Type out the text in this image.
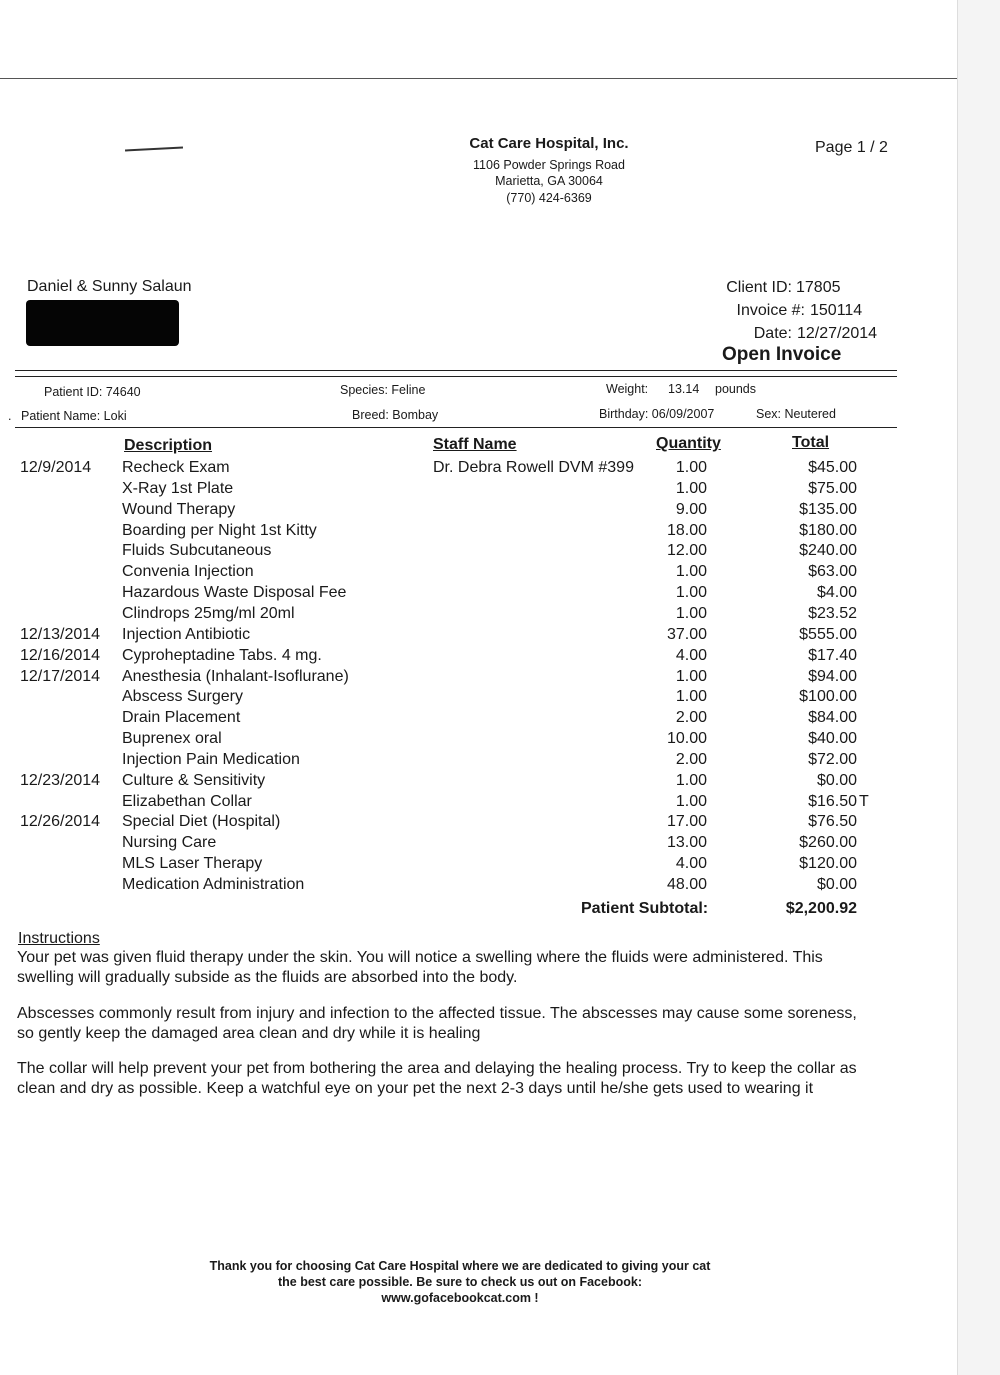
Cat Care Hospital, Inc.
1106 Powder Springs Road
Marietta, GA 30064
(770) 424-6369
Page 1 / 2
Daniel & Sunny Salaun	Client ID: 17805
Invoice #: 150114
Date: 12/27/2014
Open Invoice
Patient ID: 74640	Species: Feline	Weight: 13.14 pounds
. Patient Name: Loki	Breed: Bombay	Birthday: 06/09/2007	Sex: Neutered
Description	Staff Name	Quantity	Total
12/9/2014 Recheck Exam	Dr. Debra Rowell DVM #399	1.00	$45.00
X-Ray 1st Plate	1.00	$75.00
Wound Therapy	9.00	$135.00
Boarding per Night 1st Kitty	18.00	$180.00
Fluids Subcutaneous	12.00	$240.00
Convenia Injection	1.00	$63.00
Hazardous Waste Disposal Fee	1.00	$4.00
Clindrops 25mg/ml 20ml	1.00	$23.52
12/13/2014 Injection Antibiotic	37.00	$555.00
12/16/2014 Cyproheptadine Tabs. 4 mg.	4.00	$17.40
12/17/2014 Anesthesia (Inhalant-Isoflurane)	1.00	$94.00
Abscess Surgery	1.00	$100.00
Drain Placement	2.00	$84.00
Buprenex oral	10.00	$40.00
Injection Pain Medication	2.00	$72.00
12/23/2014 Culture & Sensitivity	1.00	$0.00
Elizabethan Collar	1.00	$16.50 T
12/26/2014 Special Diet (Hospital)	17.00	$76.50
Nursing Care	13.00	$260.00
MLS Laser Therapy	4.00	$120.00
Medication Administration	48.00	$0.00
Patient Subtotal:	$2,200.92
Instructions
Your pet was given fluid therapy under the skin. You will notice a swelling where the fluids were administered. This swelling will gradually subside as the fluids are absorbed into the body.
Abscesses commonly result from injury and infection to the affected tissue. The abscesses may cause some soreness, so gently keep the damaged area clean and dry while it is healing
The collar will help prevent your pet from bothering the area and delaying the healing process. Try to keep the collar as clean and dry as possible. Keep a watchful eye on your pet the next 2-3 days until he/she gets used to wearing it
Thank you for choosing Cat Care Hospital where we are dedicated to giving your cat
the best care possible. Be sure to check us out on Facebook:
www.gofacebookcat.com !
